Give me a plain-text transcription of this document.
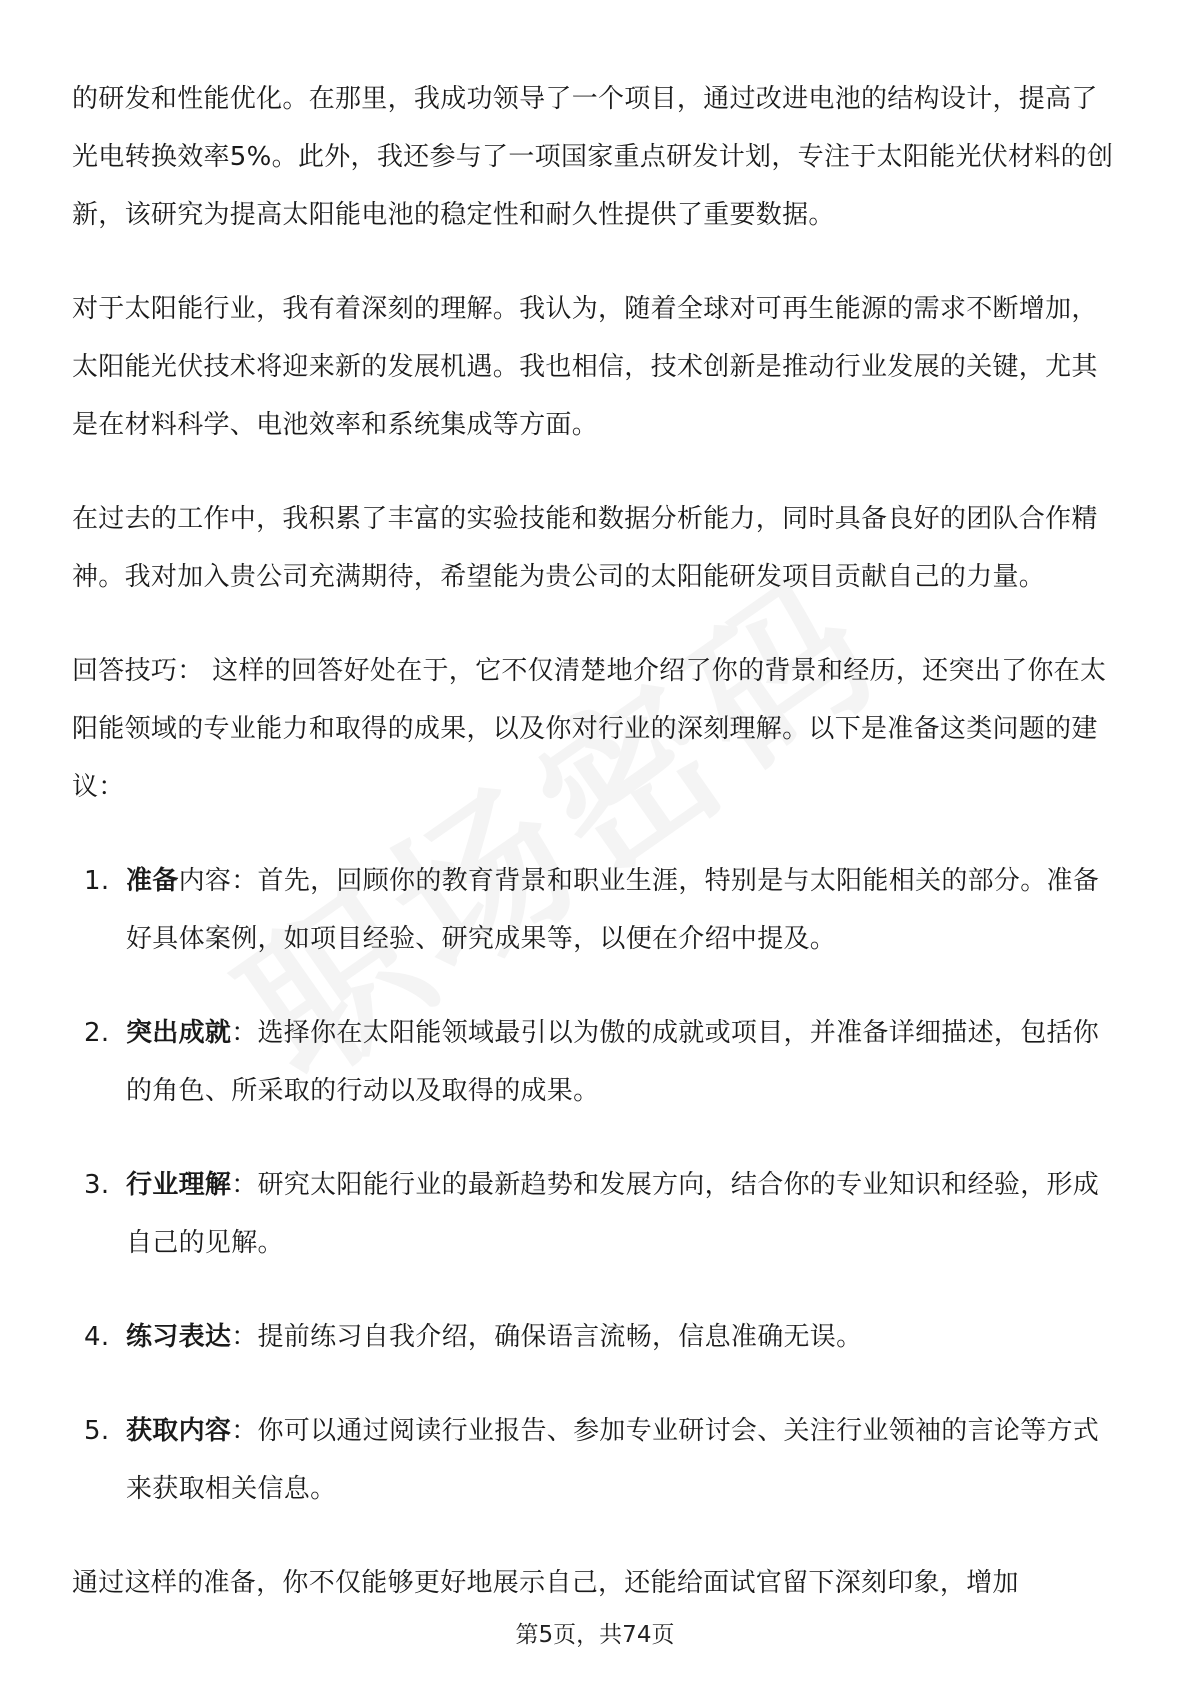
的研发和性能优化。在那里，我成功领导了一个项目，通过改进电池的结构设计，提高了光电转换效率5%。此外，我还参与了一项国家重点研发计划，专注于太阳能光伏材料的创新，该研究为提高太阳能电池的稳定性和耐久性提供了重要数据。

对于太阳能行业，我有着深刻的理解。我认为，随着全球对可再生能源的需求不断增加，太阳能光伏技术将迎来新的发展机遇。我也相信，技术创新是推动行业发展的关键，尤其是在材料科学、电池效率和系统集成等方面。

在过去的工作中，我积累了丰富的实验技能和数据分析能力，同时具备良好的团队合作精神。我对加入贵公司充满期待，希望能为贵公司的太阳能研发项目贡献自己的力量。

回答技巧： 这样的回答好处在于，它不仅清楚地介绍了你的背景和经历，还突出了你在太阳能领域的专业能力和取得的成果，以及你对行业的深刻理解。以下是准备这类问题的建议：

1. 准备内容：首先，回顾你的教育背景和职业生涯，特别是与太阳能相关的部分。准备好具体案例，如项目经验、研究成果等，以便在介绍中提及。
2. 突出成就：选择你在太阳能领域最引以为傲的成就或项目，并准备详细描述，包括你的角色、所采取的行动以及取得的成果。
3. 行业理解：研究太阳能行业的最新趋势和发展方向，结合你的专业知识和经验，形成自己的见解。
4. 练习表达：提前练习自我介绍，确保语言流畅，信息准确无误。
5. 获取内容：你可以通过阅读行业报告、参加专业研讨会、关注行业领袖的言论等方式来获取相关信息。

通过这样的准备，你不仅能够更好地展示自己，还能给面试官留下深刻印象，增加

第5页，共74页
